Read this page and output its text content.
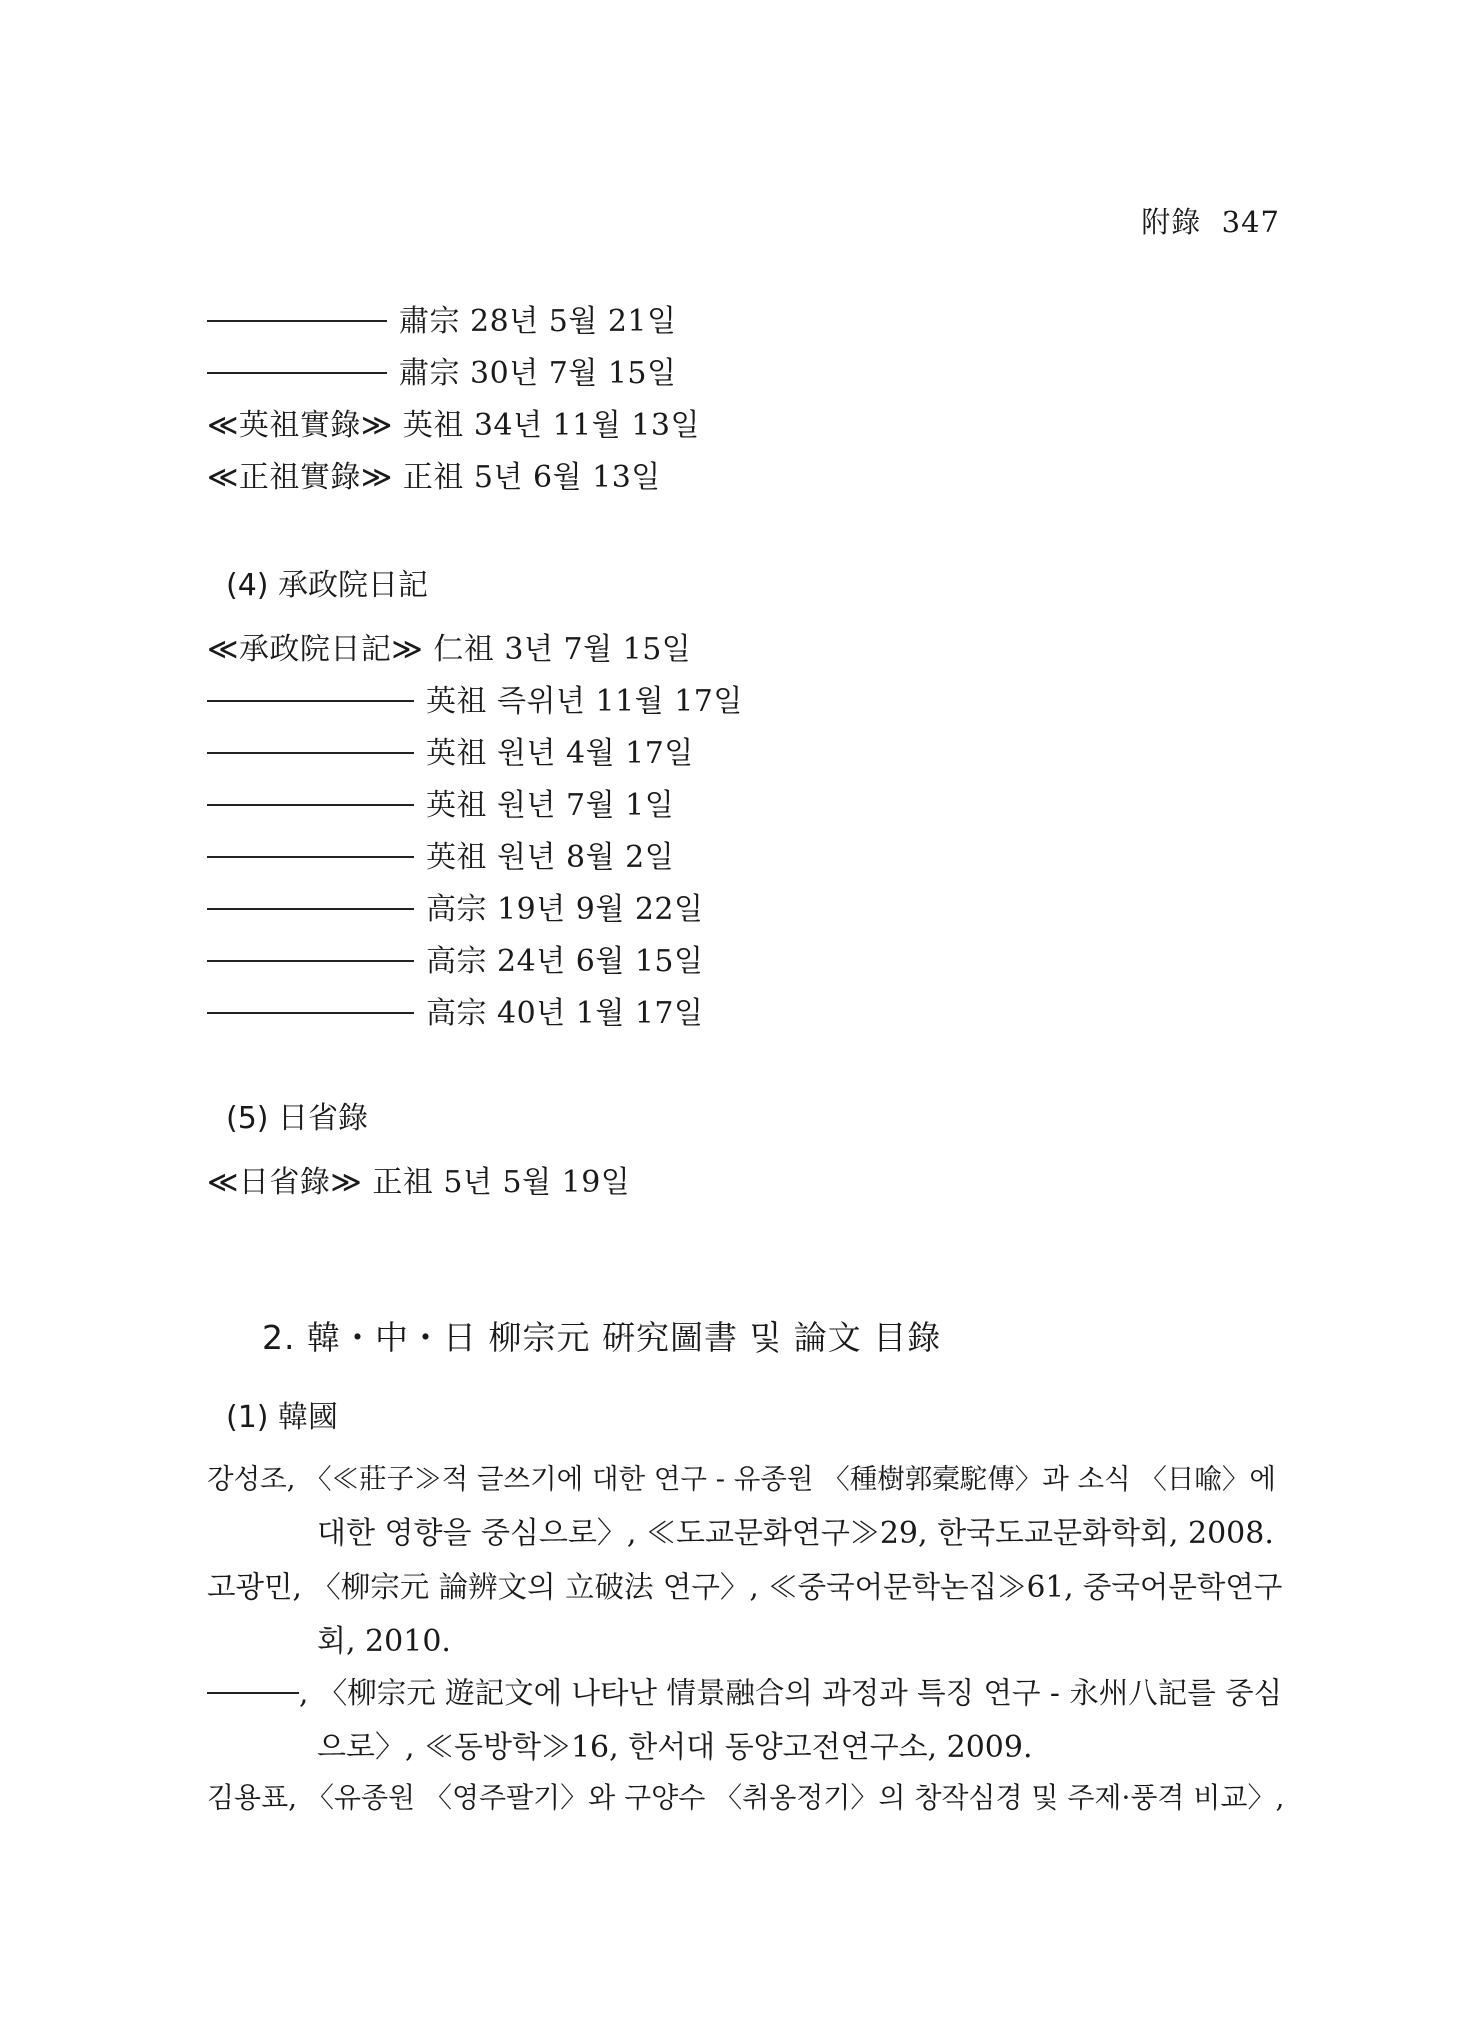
附錄 347
肅宗 28년 5월 21일
肅宗 30년 7월 15일
≪英祖實錄≫ 英祖 34년 11월 13일
≪正祖實錄≫ 正祖 5년 6월 13일
(4) 承政院日記
≪承政院日記≫ 仁祖 3년 7월 15일
英祖 즉위년 11월 17일
英祖 원년 4월 17일
英祖 원년 7월 1일
英祖 원년 8월 2일
高宗 19년 9월 22일
高宗 24년 6월 15일
高宗 40년 1월 17일
(5) 日省錄
≪日省錄≫ 正祖 5년 5월 19일
2. 韓・中・日 柳宗元 硏究圖書 및 論文 目錄
(1) 韓國
강성조, 〈≪莊子≫적 글쓰기에 대한 연구 - 유종원 〈種樹郭槖駝傳〉과 소식 〈日喩〉에
대한 영향을 중심으로〉, ≪도교문화연구≫29, 한국도교문화학회, 2008.
고광민, 〈柳宗元 論辨文의 立破法 연구〉, ≪중국어문학논집≫61, 중국어문학연구
회, 2010.
, 〈柳宗元 遊記文에 나타난 情景融合의 과정과 특징 연구 - 永州八記를 중심
으로〉, ≪동방학≫16, 한서대 동양고전연구소, 2009.
김용표, 〈유종원 〈영주팔기〉와 구양수 〈취옹정기〉의 창작심경 및 주제·풍격 비교〉,
